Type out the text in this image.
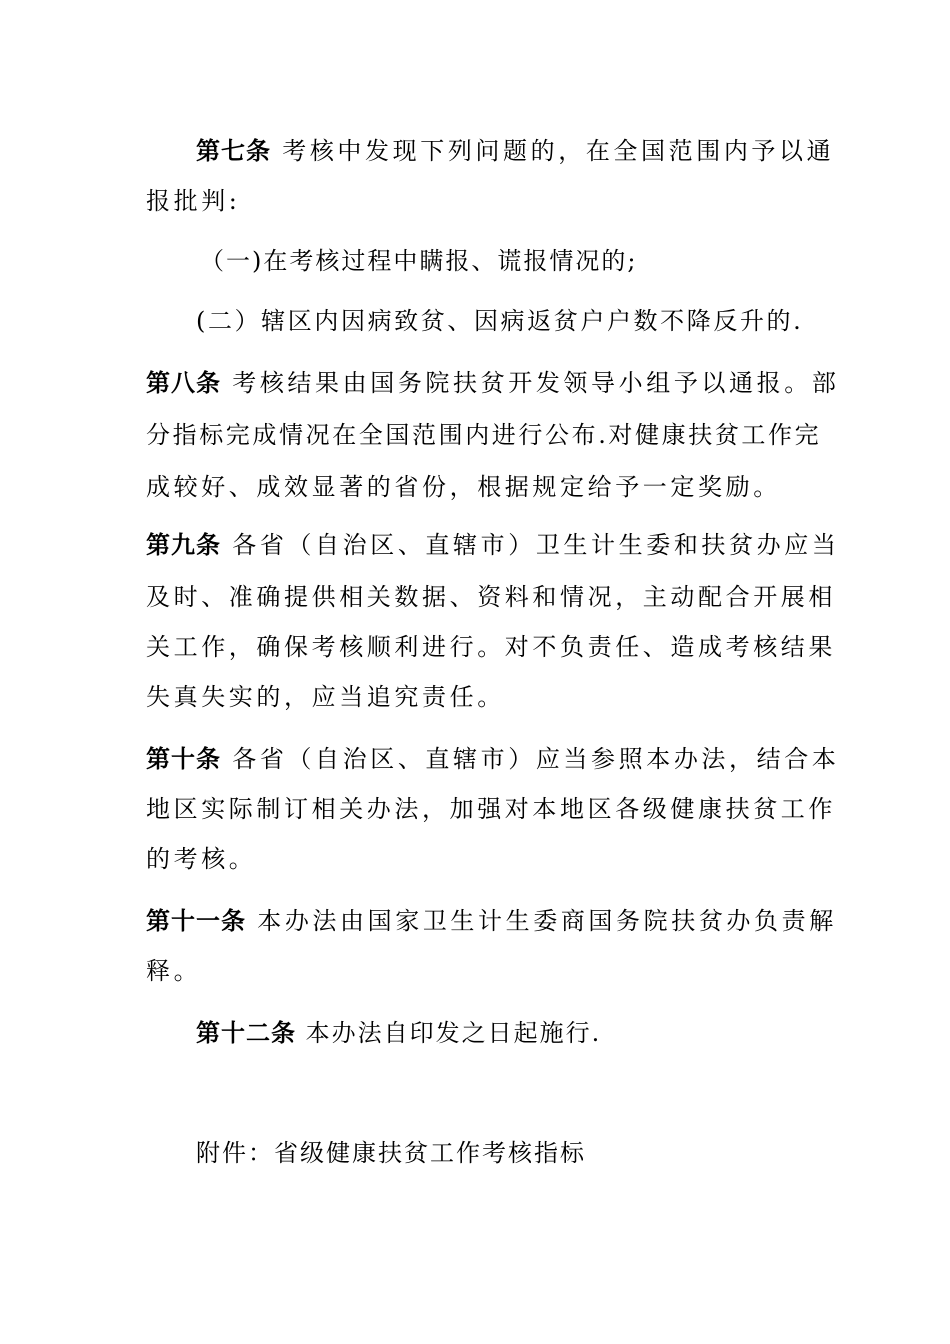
第七条 考核中发现下列问题的，在全国范围内予以通
报批判:
（一)在考核过程中瞒报、谎报情况的;
(二）辖区内因病致贫、因病返贫户户数不降反升的.
第八条 考核结果由国务院扶贫开发领导小组予以通报。部
分指标完成情况在全国范围内进行公布.对健康扶贫工作完
成较好、成效显著的省份，根据规定给予一定奖励。
第九条 各省（自治区、直辖市）卫生计生委和扶贫办应当
及时、准确提供相关数据、资料和情况，主动配合开展相
关工作，确保考核顺利进行。对不负责任、造成考核结果
失真失实的，应当追究责任。
第十条 各省（自治区、直辖市）应当参照本办法，结合本
地区实际制订相关办法，加强对本地区各级健康扶贫工作
的考核。
第十一条 本办法由国家卫生计生委商国务院扶贫办负责解
释。
第十二条 本办法自印发之日起施行.
附件：省级健康扶贫工作考核指标
